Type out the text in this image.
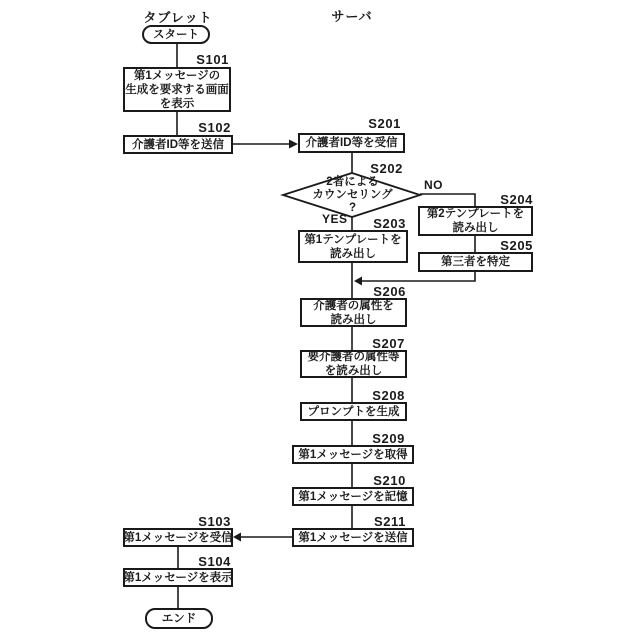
タブレット	サーバ
スタート
エンド
第1メッセージの
生成を要求する画面
を表示
介護者ID等を送信
第1メッセージを受信
第1メッセージを表示
介護者ID等を受信
第1テンプレートを
読み出し
第2テンプレートを
読み出し
第三者を特定
介護者の属性を
読み出し
要介護者の属性等
を読み出し
プロンプトを生成
第1メッセージを取得
第1メッセージを記憶
第1メッセージを送信
2者による
カウンセリング
?
YES
NO
S101
S102	S201
S202
S203
S204
S205
S206
S207
S208
S209
S210
S211
S103
S104
